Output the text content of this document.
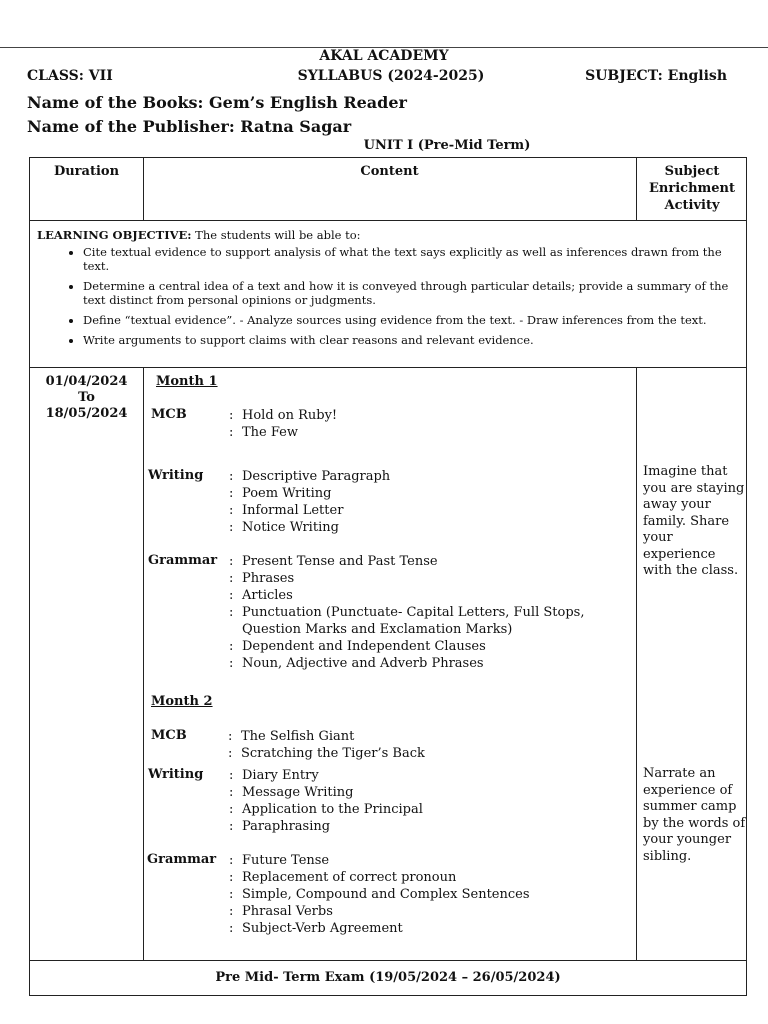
AKAL ACADEMY
CLASS: VII	SYLLABUS (2024-2025)	SUBJECT: English
Name of the Books: Gem’s English Reader
Name of the Publisher: Ratna Sagar
UNIT I (Pre-Mid Term)
Duration	Content	Subject Enrichment Activity
LEARNING OBJECTIVE: The students will be able to:
• Cite textual evidence to support analysis of what the text says explicitly as well as inferences drawn from the text.
• Determine a central idea of a text and how it is conveyed through particular details; provide a summary of the text distinct from personal opinions or judgments.
• Define “textual evidence”. - Analyze sources using evidence from the text. - Draw inferences from the text.
• Write arguments to support claims with clear reasons and relevant evidence.
01/04/2024
To
18/05/2024
Month 1
MCB	: Hold on Ruby!
: The Few
Writing : Descriptive Paragraph
: Poem Writing
: Informal Letter
: Notice Writing
Grammar : Present Tense and Past Tense
: Phrases
: Articles
: Punctuation (Punctuate- Capital Letters, Full Stops, Question Marks and Exclamation Marks)
: Dependent and Independent Clauses
: Noun, Adjective and Adverb Phrases
Imagine that you are staying away your family. Share your experience with the class.
Month 2
MCB	: The Selfish Giant
: Scratching the Tiger’s Back
Writing : Diary Entry
: Message Writing
: Application to the Principal
: Paraphrasing
Grammar : Future Tense
: Replacement of correct pronoun
: Simple, Compound and Complex Sentences
: Phrasal Verbs
: Subject-Verb Agreement
Narrate an experience of summer camp by the words of your younger sibling.
Pre Mid- Term Exam (19/05/2024 – 26/05/2024)
